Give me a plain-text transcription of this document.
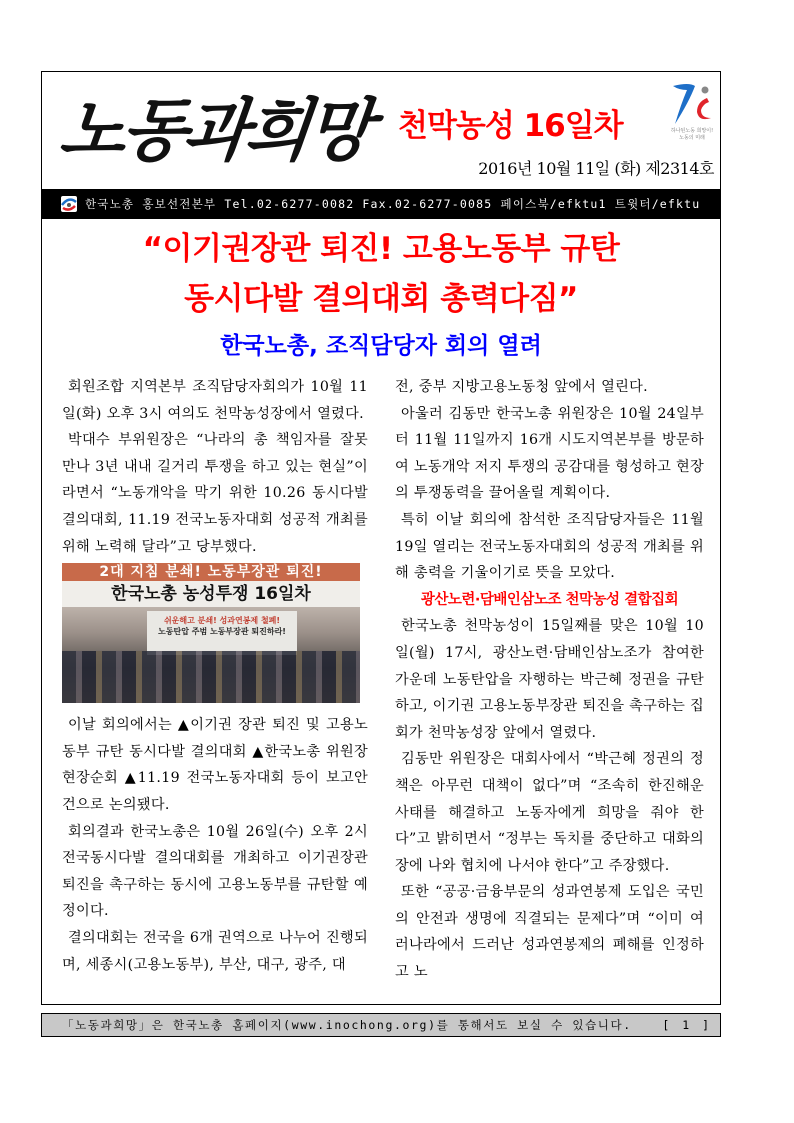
노동과희망 천막농성 16일차	하나된노동 희망이!
노동의 미래
2016년 10월 11일 (화) 제2314호
한국노총 홍보선전본부 Tel.02-6277-0082 Fax.02-6277-0085 페이스북/efktu1 트윗터/efktu
“이기권장관 퇴진! 고용노동부 규탄
동시다발 결의대회 총력다짐”
한국노총, 조직담당자 회의 열려

회원조합 지역본부 조직담당자회의가 10월 11일(화) 오후 3시 여의도 천막농성장에서 열렸다.

박대수 부위원장은 “나라의 총 책임자를 잘못 만나 3년 내내 길거리 투쟁을 하고 있는 현실”이라면서 “노동개악을 막기 위한 10.26 동시다발 결의대회, 11.19 전국노동자대회 성공적 개최를 위해 노력해 달라”고 당부했다.

이날 회의에서는 ▲이기권 장관 퇴진 및 고용노동부 규탄 동시다발 결의대회 ▲한국노총 위원장 현장순회 ▲11.19 전국노동자대회 등이 보고안건으로 논의됐다.

회의결과 한국노총은 10월 26일(수) 오후 2시 전국동시다발 결의대회를 개최하고 이기권장관 퇴진을 촉구하는 동시에 고용노동부를 규탄할 예정이다.

결의대회는 전국을 6개 권역으로 나누어 진행되며, 세종시(고용노동부), 부산, 대구, 광주, 대

2대 지침 분쇄! 노동부장관 퇴진!
한국노총 농성투쟁 16일차
쉬운해고 분쇄! 성과연봉제 철폐!
노동탄압 주범 노동부장관 퇴진하라!

전, 중부 지방고용노동청 앞에서 열린다.

아울러 김동만 한국노총 위원장은 10월 24일부터 11월 11일까지 16개 시도지역본부를 방문하여 노동개악 저지 투쟁의 공감대를 형성하고 현장의 투쟁동력을 끌어올릴 계획이다.

특히 이날 회의에 참석한 조직담당자들은 11월 19일 열리는 전국노동자대회의 성공적 개최를 위해 총력을 기울이기로 뜻을 모았다.

광산노련·담배인삼노조 천막농성 결합집회

한국노총 천막농성이 15일째를 맞은 10월 10일(월) 17시, 광산노련·담배인삼노조가 참여한 가운데 노동탄압을 자행하는 박근혜 정권을 규탄하고, 이기권 고용노동부장관 퇴진을 촉구하는 집회가 천막농성장 앞에서 열렸다.

김동만 위원장은 대회사에서 “박근혜 정권의 정책은 아무런 대책이 없다”며 “조속히 한진해운 사태를 해결하고 노동자에게 희망을 줘야 한다”고 밝히면서 “정부는 독치를 중단하고 대화의 장에 나와 협치에 나서야 한다”고 주장했다.

또한 “공공·금융부문의 성과연봉제 도입은 국민의 안전과 생명에 직결되는 문제다”며 “이미 여러나라에서 드러난 성과연봉제의 폐해를 인정하고 노

「노동과희망」은 한국노총 홈페이지(www.inochong.org)를 통해서도 보실 수 있습니다.	[ 1 ]
